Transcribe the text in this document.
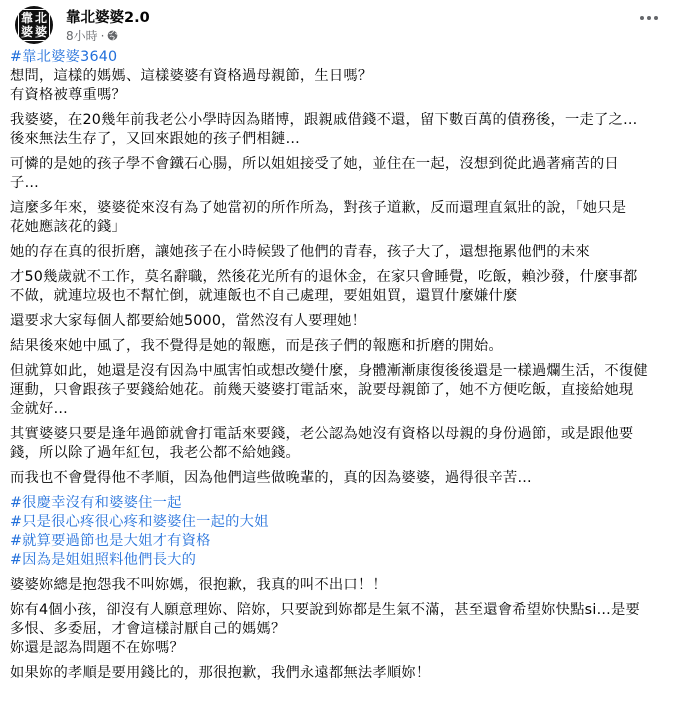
靠 北
婆 婆
靠北婆婆2.0
8小時 ·
#靠北婆婆3640
想問，這樣的媽媽、這樣婆婆有資格過母親節，生日嗎？
有資格被尊重嗎？
我婆婆，在20幾年前我老公小學時因為賭博，跟親戚借錢不還，留下數百萬的債務後，一走了之…
後來無法生存了，又回來跟她的孩子們相鏈…
可憐的是她的孩子學不會鐵石心腸，所以姐姐接受了她，並住在一起，沒想到從此過著痛苦的日
子…
這麼多年來，婆婆從來沒有為了她當初的所作所為，對孩子道歉，反而還理直氣壯的說，「她只是
花她應該花的錢」
她的存在真的很折磨，讓她孩子在小時候毀了他們的青春，孩子大了，還想拖累他們的未來
才50幾歲就不工作，莫名辭職，然後花光所有的退休金，在家只會睡覺，吃飯，賴沙發，什麼事都
不做，就連垃圾也不幫忙倒，就連飯也不自己處理，要姐姐買，還買什麼嫌什麼
還要求大家每個人都要給她5000，當然沒有人要理她！
結果後來她中風了，我不覺得是她的報應，而是孩子們的報應和折磨的開始。
但就算如此，她還是沒有因為中風害怕或想改變什麼，身體漸漸康復後後還是一樣過爛生活，不復健
運動，只會跟孩子要錢給她花。前幾天婆婆打電話來，說要母親節了，她不方便吃飯，直接給她現
金就好…
其實婆婆只要是逢年過節就會打電話來要錢，老公認為她沒有資格以母親的身份過節，或是跟他要
錢，所以除了過年紅包，我老公都不給她錢。
而我也不會覺得他不孝順，因為他們這些做晚輩的，真的因為婆婆，過得很辛苦…
#很慶幸沒有和婆婆住一起
#只是很心疼很心疼和婆婆住一起的大姐
#就算要過節也是大姐才有資格
#因為是姐姐照料他們長大的
婆婆妳總是抱怨我不叫妳媽，很抱歉，我真的叫不出口！！
妳有4個小孩，卻沒有人願意理妳、陪妳，只要說到妳都是生氣不滿，甚至還會希望妳快點si…是要
多恨、多委屈，才會這樣討厭自己的媽媽？
妳還是認為問題不在妳嗎？
如果妳的孝順是要用錢比的，那很抱歉，我們永遠都無法孝順妳！
